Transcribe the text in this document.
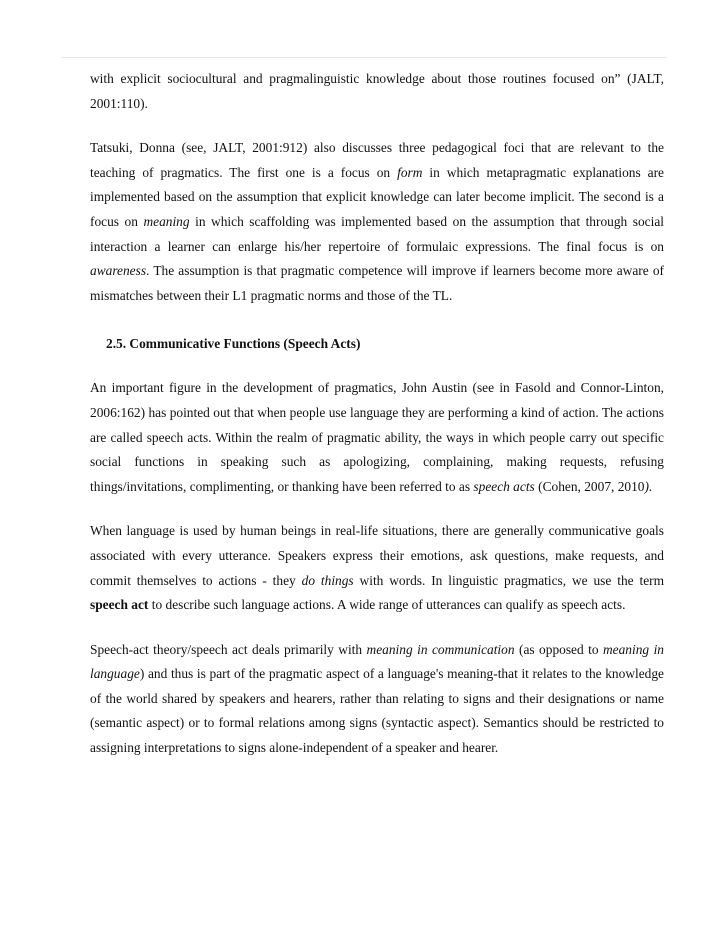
with explicit sociocultural and pragmalinguistic knowledge about those routines focused on” (JALT, 2001:110).

Tatsuki, Donna (see, JALT, 2001:912) also discusses three pedagogical foci that are relevant to the teaching of pragmatics. The first one is a focus on form in which metapragmatic explanations are implemented based on the assumption that explicit knowledge can later become implicit. The second is a focus on meaning in which scaffolding was implemented based on the assumption that through social interaction a learner can enlarge his/her repertoire of formulaic expressions. The final focus is on awareness. The assumption is that pragmatic competence will improve if learners become more aware of mismatches between their L1 pragmatic norms and those of the TL.

2.5. Communicative Functions (Speech Acts)

An important figure in the development of pragmatics, John Austin (see in Fasold and Connor-Linton, 2006:162) has pointed out that when people use language they are performing a kind of action. The actions are called speech acts. Within the realm of pragmatic ability, the ways in which people carry out specific social functions in speaking such as apologizing, complaining, making requests, refusing things/invitations, complimenting, or thanking have been referred to as speech acts (Cohen, 2007, 2010).

When language is used by human beings in real-life situations, there are generally communicative goals associated with every utterance. Speakers express their emotions, ask questions, make requests, and commit themselves to actions - they do things with words. In linguistic pragmatics, we use the term speech act to describe such language actions. A wide range of utterances can qualify as speech acts.

Speech-act theory/speech act deals primarily with meaning in communication (as opposed to meaning in language) and thus is part of the pragmatic aspect of a language's meaning-that it relates to the knowledge of the world shared by speakers and hearers, rather than relating to signs and their designations or name (semantic aspect) or to formal relations among signs (syntactic aspect). Semantics should be restricted to assigning interpretations to signs alone-independent of a speaker and hearer.
